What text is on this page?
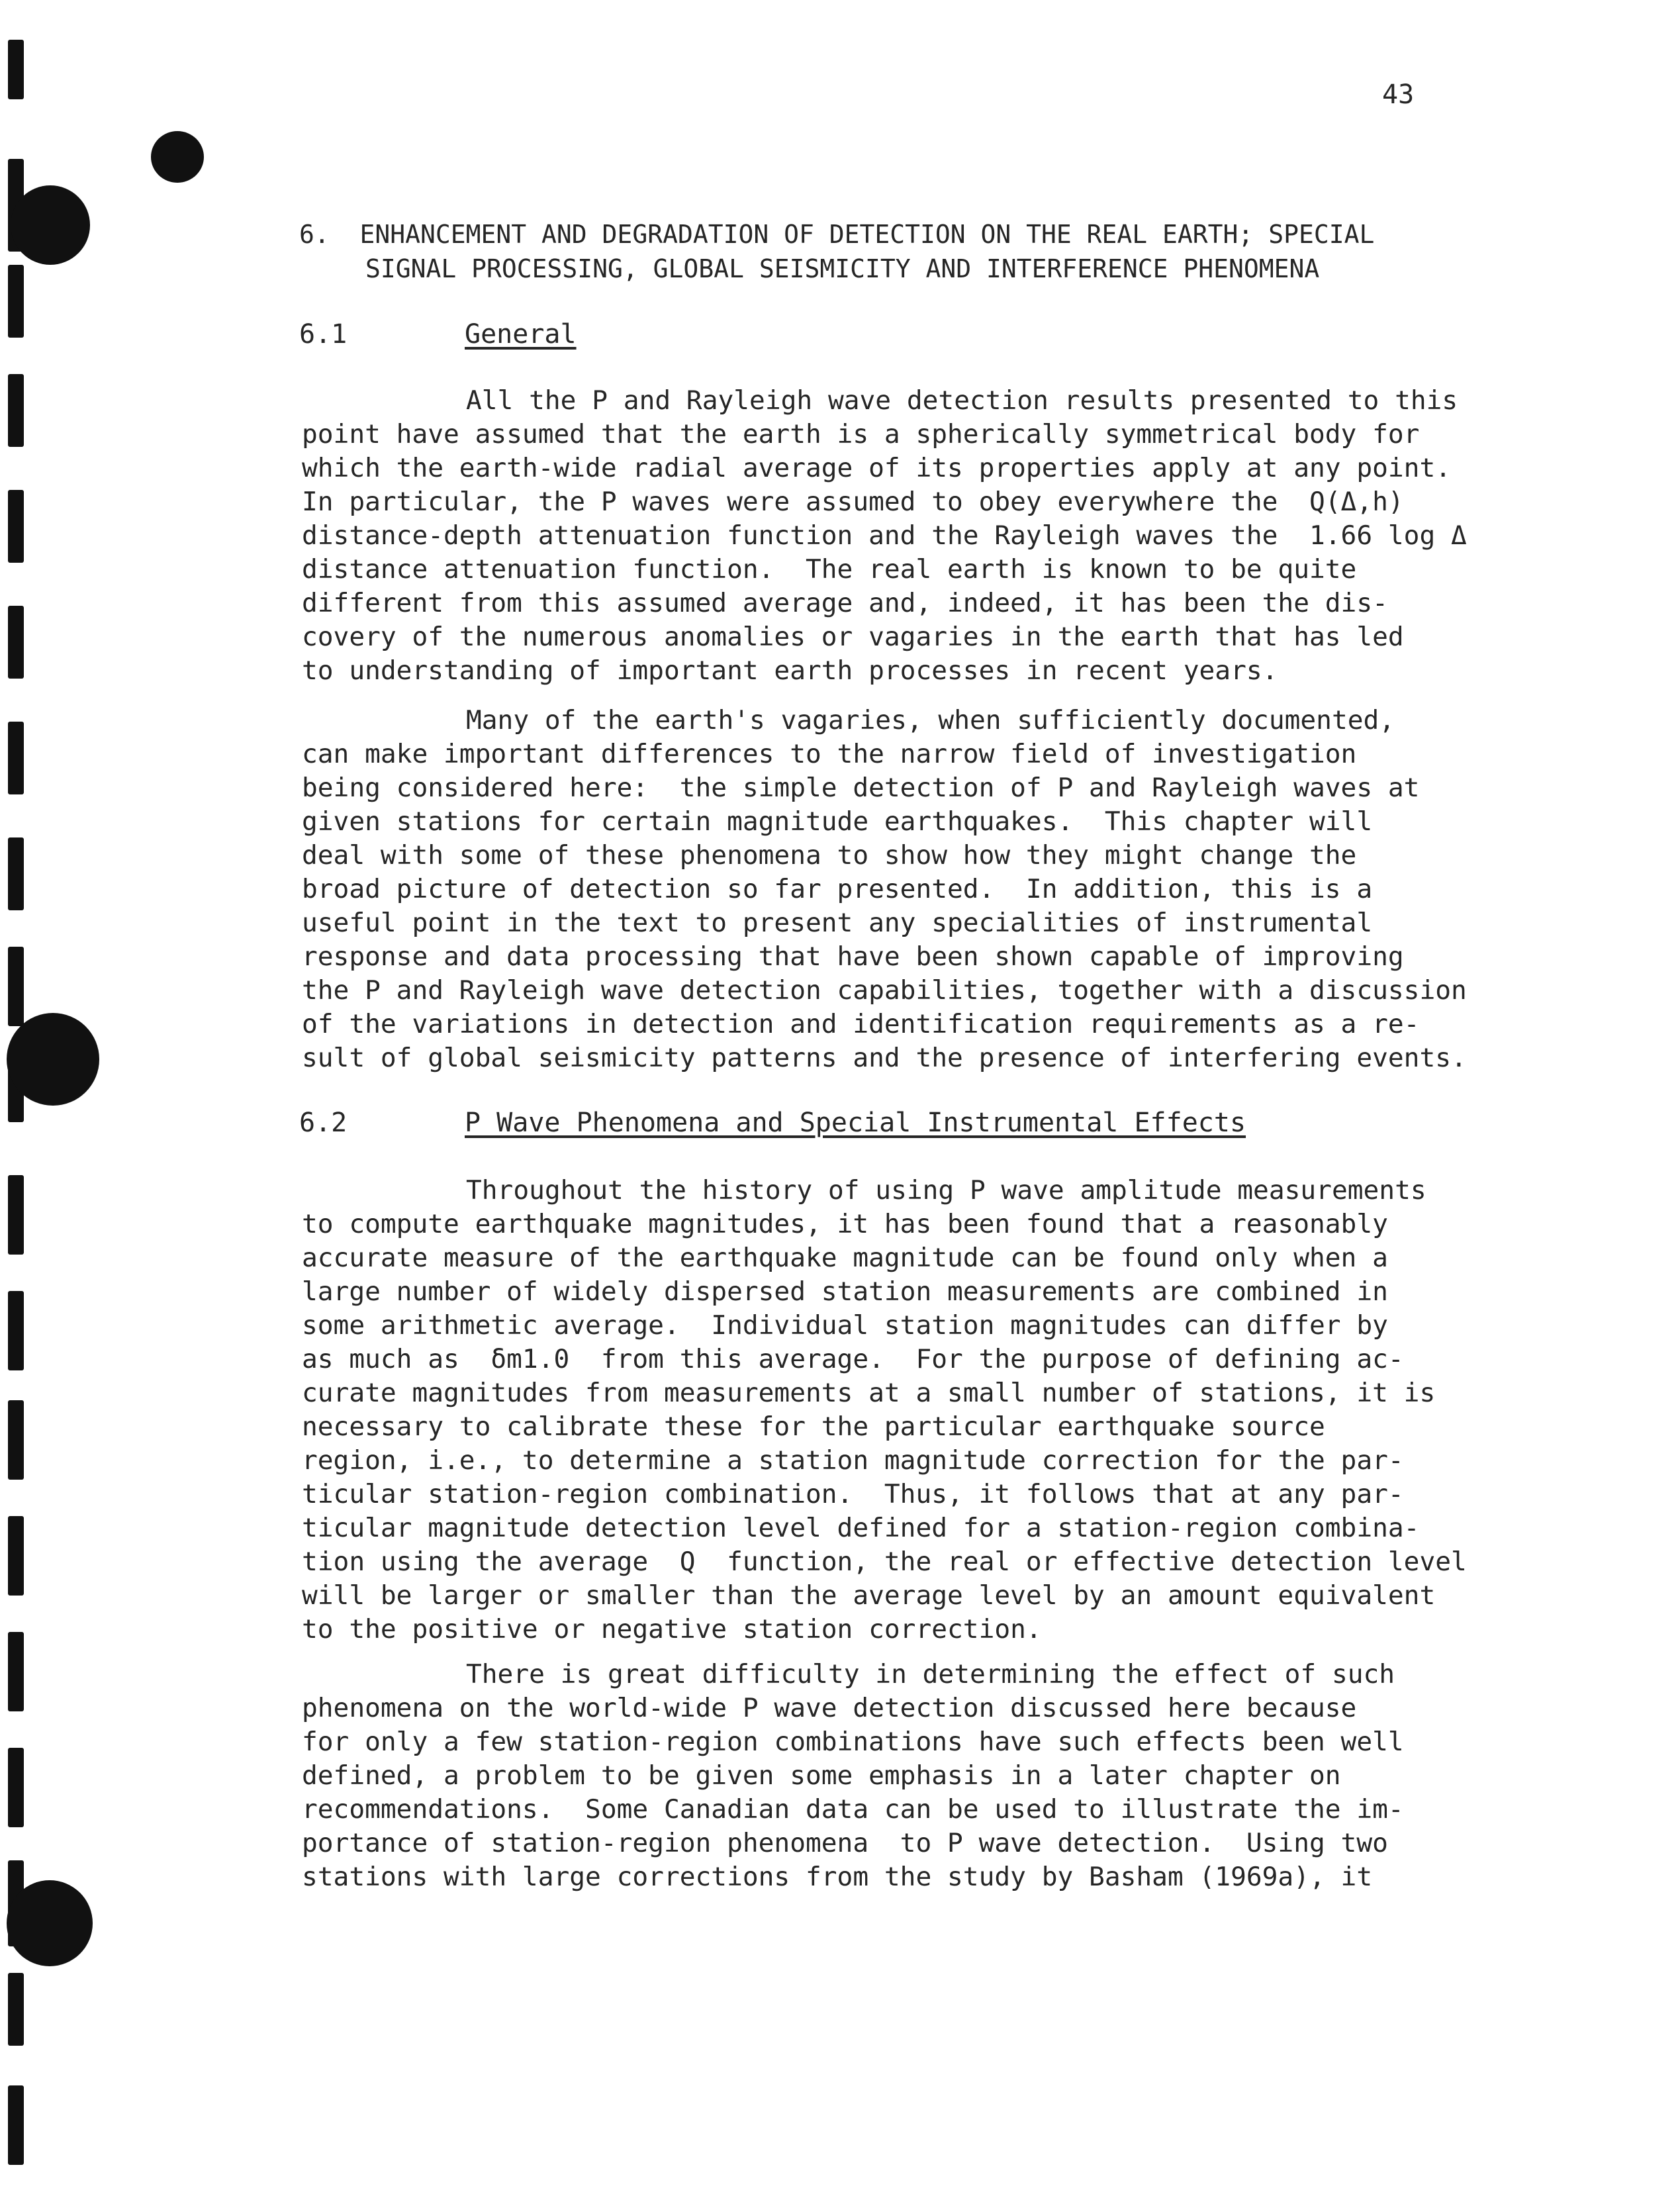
43
6.  ENHANCEMENT AND DEGRADATION OF DETECTION ON THE REAL EARTH; SPECIAL
SIGNAL PROCESSING, GLOBAL SEISMICITY AND INTERFERENCE PHENOMENA
6.1	General
All the P and Rayleigh wave detection results presented to this
point have assumed that the earth is a spherically symmetrical body for
which the earth-wide radial average of its properties apply at any point.
In particular, the P waves were assumed to obey everywhere the  Q(Δ,h)
distance-depth attenuation function and the Rayleigh waves the  1.66 log Δ
distance attenuation function.  The real earth is known to be quite
different from this assumed average and, indeed, it has been the dis-
covery of the numerous anomalies or vagaries in the earth that has led
to understanding of important earth processes in recent years.
Many of the earth's vagaries, when sufficiently documented,
can make important differences to the narrow field of investigation
being considered here:  the simple detection of P and Rayleigh waves at
given stations for certain magnitude earthquakes.  This chapter will
deal with some of these phenomena to show how they might change the
broad picture of detection so far presented.  In addition, this is a
useful point in the text to present any specialities of instrumental
response and data processing that have been shown capable of improving
the P and Rayleigh wave detection capabilities, together with a discussion
of the variations in detection and identification requirements as a re-
sult of global seismicity patterns and the presence of interfering events.
6.2	P Wave Phenomena and Special Instrumental Effects
Throughout the history of using P wave amplitude measurements
to compute earthquake magnitudes, it has been found that a reasonably
accurate measure of the earthquake magnitude can be found only when a
large number of widely dispersed station measurements are combined in
some arithmetic average.  Individual station magnitudes can differ by
as much as  δm1.0  from this average.  For the purpose of defining ac-
curate magnitudes from measurements at a small number of stations, it is
necessary to calibrate these for the particular earthquake source
region, i.e., to determine a station magnitude correction for the par-
ticular station-region combination.  Thus, it follows that at any par-
ticular magnitude detection level defined for a station-region combina-
tion using the average  Q  function, the real or effective detection level
will be larger or smaller than the average level by an amount equivalent
to the positive or negative station correction.
There is great difficulty in determining the effect of such
phenomena on the world-wide P wave detection discussed here because
for only a few station-region combinations have such effects been well
defined, a problem to be given some emphasis in a later chapter on
recommendations.  Some Canadian data can be used to illustrate the im-
portance of station-region phenomena  to P wave detection.  Using two
stations with large corrections from the study by Basham (1969a), it
